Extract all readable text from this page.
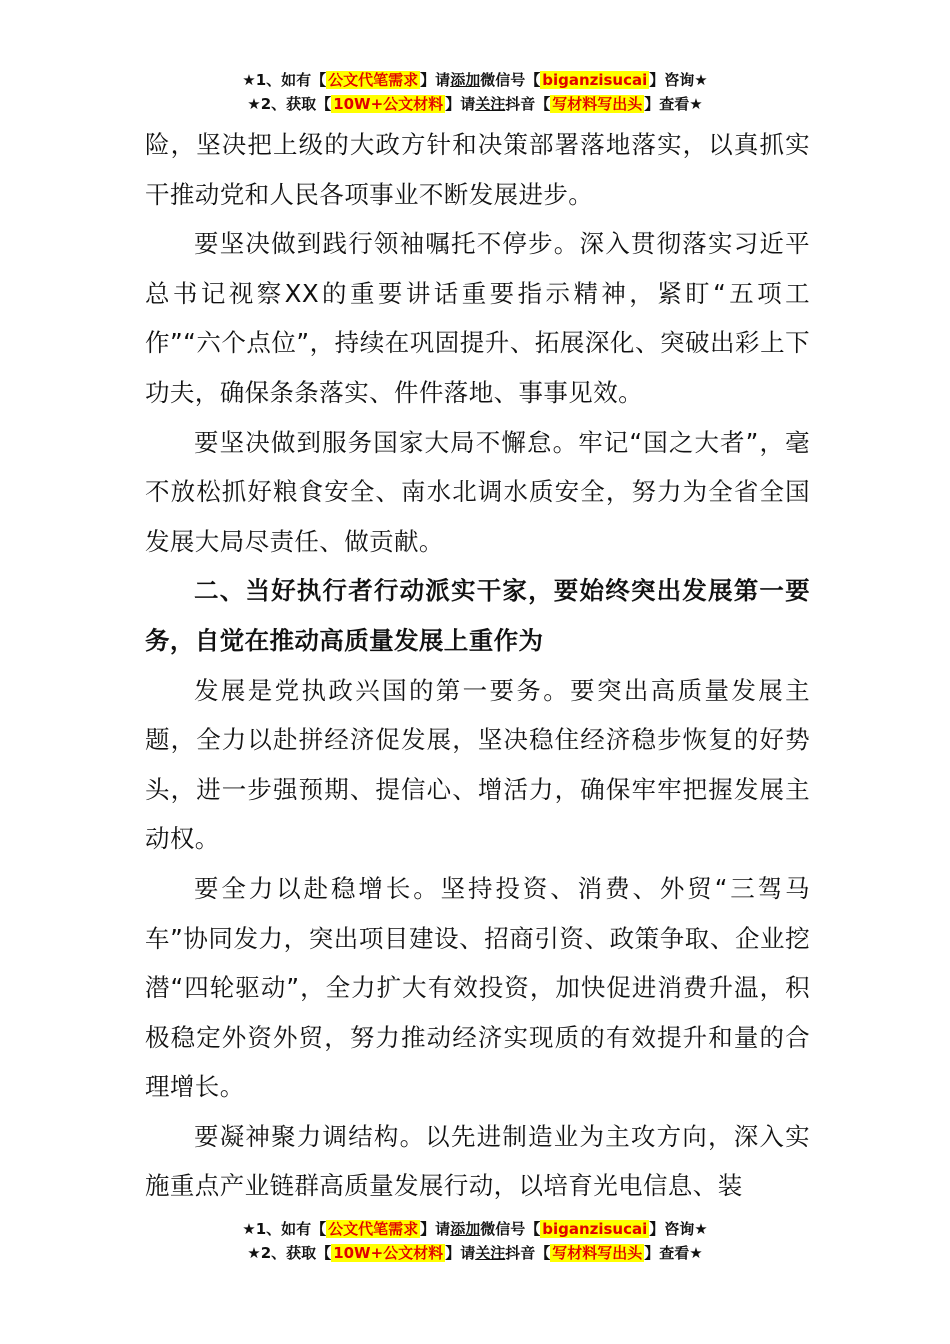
★1、如有【 公文代笔需求 】请添加微信号【 biganzisucai 】咨询★
★2、获取【 10W+公文材料 】请关注抖音【 写材料写出头 】查看★

险，坚决把上级的大政方针和决策部署落地落实，以真抓实干推动党和人民各项事业不断发展进步。

要坚决做到践行领袖嘱托不停步。深入贯彻落实习近平总书记视察XX的重要讲话重要指示精神，紧盯“五项工作”“六个点位”，持续在巩固提升、拓展深化、突破出彩上下功夫，确保条条落实、件件落地、事事见效。

要坚决做到服务国家大局不懈怠。牢记“国之大者”，毫不放松抓好粮食安全、南水北调水质安全，努力为全省全国发展大局尽责任、做贡献。

二、当好执行者行动派实干家，要始终突出发展第一要务，自觉在推动高质量发展上重作为

发展是党执政兴国的第一要务。要突出高质量发展主题，全力以赴拼经济促发展，坚决稳住经济稳步恢复的好势头，进一步强预期、提信心、增活力，确保牢牢把握发展主动权。

要全力以赴稳增长。坚持投资、消费、外贸“三驾马车”协同发力，突出项目建设、招商引资、政策争取、企业挖潜“四轮驱动”，全力扩大有效投资，加快促进消费升温，积极稳定外资外贸，努力推动经济实现质的有效提升和量的合理增长。

要凝神聚力调结构。以先进制造业为主攻方向，深入实施重点产业链群高质量发展行动，以培育光电信息、装

★1、如有【 公文代笔需求 】请添加微信号【 biganzisucai 】咨询★
★2、获取【 10W+公文材料 】请关注抖音【 写材料写出头 】查看★
